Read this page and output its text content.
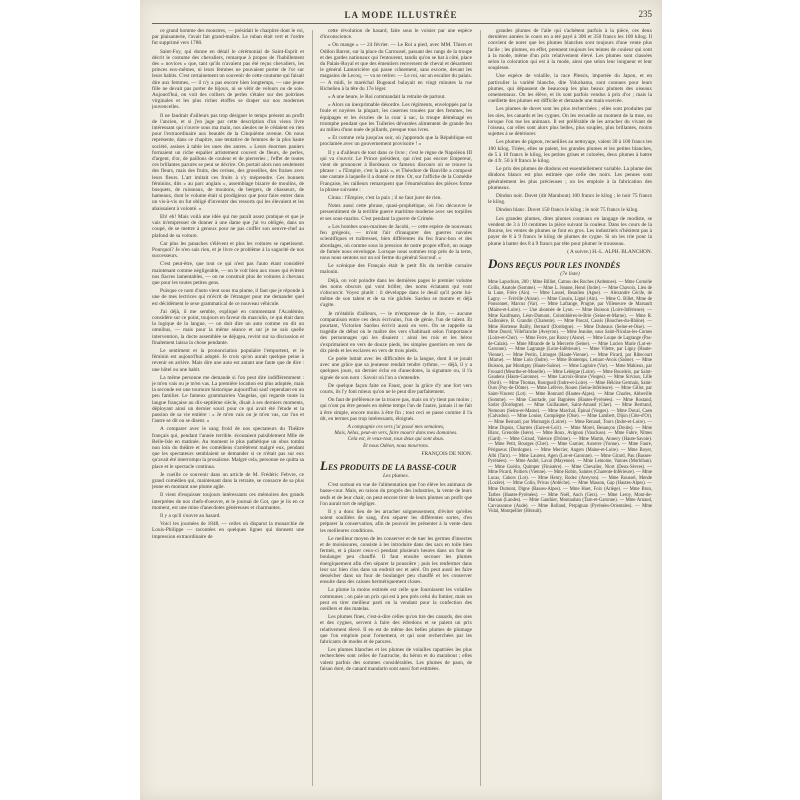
LA MODE ILLUSTRÉE	235

ce grand homme des monstres, — présidait le charpitre dont le roi, par plaisanterie, l'avait fait grand-maître. Le ruban était vert et l'ordre fut supprimé vers 1788.

Saint-Foy, qui donne en détail le cérémonial de Saint-Esprit et décrit le costume des chevaliers, remarque à propos de l'habillement des « novices » que, tant qu'ils n'avaient pas été reçus chevaliers, les princes eux-mêmes, ni leurs femmes ne pouvaient porter de l'or sur leurs habits. C'est certainement un souvenir de cette coutume qui faisait dire aux femmes, — il n'y a pas encore bien longtemps, — une jeune fille ne devait pas porter de bijoux, ni se vêtir de velours ou de soie. Aujourd'hui, on voit des colliers de perles s'étaler sur des poitrines virginales et les plus riches étoffes se draper sur nos modernes jouvencelles.

Il ne faudrait d'ailleurs pas trop désigner le temps présent au profit de l'ancien, et si j'en juge par cette description d'un vieux livre intéressant qui s'ouvre sous ma main, nos aïeules ne le cédaient en rien pour l'extraordinaire aux beautés de la Cinquième avenue. On nous représente, dans ce chapitre, une tentative de femmes de la plus haute société, assises à table les unes des autres. « Leurs énormes paniers formaient un riche espalier artistement couvert de fleurs, de perles, d'argent, d'or, de paillons de couleur et de pierreries ; l'effet de toutes ces brillantes parures se peut se décrire. On portait alors non seulement des fleurs, mais des fruits, des cerises, des groseilles, des fraises avec leurs fleurs. L'art imitait ces fruits à s'y méprendre. Ces bonnets féminins, dits « au parc anglais », assemblage bizarre de moulins, de bosquets, de ruisseaux, de moutons, de bergers, de chasseurs, de hameaux, dont le volume était si prodigieux que pour faire entrer dans un vis-à-vis on fut obligé d'inventer des ressorts qui les élevaient et les abaissaient à volonté. »

Eh! eh! Mais voilà une idée qui me paraît assez pratique et que je vais m'empresser de donner à une dame que j'ai vu obligée, dans un coupé, de se mettre à genoux pour ne pas coiffer son oeuvre-chef au plafond de sa voiture.

Car plus les panaches s'élèvent et plus les voitures se rapetissent. Pourquoi? Je n'en sais rien, et je livre ce problème à la sagacité de nos successeurs.

C'est peut-être, que tout ce qui n'est pas l'auto étant considéré maintenant comme négligeable, — on le voit bien aux roues qui évitent nos fiacres lamentables, — on ne construit plus de voitures à chevaux que pour les toutes petites gens.

Puisque ce nom d'auto vient sous ma plume, il faut que je réponde à une de mes lectrices qui m'écrit de l'étranger pour me demander quel est décidément le sexe grammatical de ce nouveau véhicule.

J'ai déjà, il me semble, expliqué en commentant l'Académie, considère sur ce point, toujours en faveur du masculin, ce qui était dans la logique de la langue, — on doit dire un auto comme on dit un omnibus, — mais pour la même séance et sur je ne sais quelle intervention, la docte assemblée se déjugea, revint sur sa discussion et finalement laissa la chose pendante.

Le sentiment et la prononciation populaire l'emportent, et le féminin est aujourd'hui adopté. Je crois qu'on aurait quelque peine à revenir en arrière. Mais dire une auto est autant une faute que de dire : une hôtel ou une habit.

La même personne me demande si l'on peut dire indifféremment : je m'en vais ou je m'en vas. La première location est plus adoptée, mais la seconde est une tournure historique aujourd'hui sauf cependant en un peu familier. Le fameux grammairien Vaugelas, qui regarde toute la langue française au dix-septième siècle, disait à ses derniers moments, déployant ainsi un dernier souci pour ce qui avait été l'étude et la passion de sa vie entière : « Je m'en vais ou je m'en vas, car l'un et l'autre se dit ou se disent. »

A comparer avec le sang froid de nos spectateurs du Théâtre français qui, pendant l'année terrible. écoutaient paisiblement Mlle de Belle-Isle en matinée. Au moment le plus pathétique un obus tomba non loin du théâtre et les comédiens s'arrêtèrent malgré eux, pendant que les spectateurs semblaient se demander si ce n'était pas sur eux qu'avait été interrompu la prosaïsme. Malgré cela, personne ne quitta sa place et le spectacle continua.

Je cueille ce souvenir dans un article de M. Frédéric Febvre, ce grand comédien qui, maintenant dans la retraite, se consacre de sa plus jeune en montant une plume agile.

Il vient d'esquisser toujours intéressants ces mémoires des grands interprètes de nos chefs-d'oeuvre, et le journal de Got, que je lis en ce moment, est une mine d'anecdotes généreuses et charmantes.

Il y a qu'il s'ouvre au hasard.

Voici les journées de 1848, — celles où disparut la monarchie de Louis-Philippe — racontées en quelques lignes qui donnent une impression extraordinaire de

cette révolution de hasard, faite sous le voisier par une espèce d'inconscience.

« On mange » — 24 février. — Le Roi a pied, avec MM. Thiers et Odilon Barrot, sur la place du Carrousel, passant des rangs de la troupe et des gardes nationaux qui l'entourent, tandis qu'on se bat à côté, place du Palais-Royal et que des émeutiers renversent de cheval et désarment le général Lamoricière qui passe crânement, sans escorte, devant les magasins de Lecoq, — va se retirer. — Le roi, sur un escalier du palais. — A midi, le maréchal Bugeaud balayait en vingt minutes la rue Richelieu à la tête du 17e léger.

« A une heure, le Roi commandait la retraite de partout.

« Alors un inexprimable désordre. Les régiments, enveloppés par la foule et noyères la plupart, les casernes trouées par des femmes, les équipages et les écuries de la cour à sac, la troupe déménagé en triomphe pendant que les Tuileries dévastées alimentent de grande feu au milieu d'une nuée de pillards, presque tous ivres.

« Et comme cela jusqu'au soir, où j'apprends que la République est proclamée avec un gouvernement provisoire ! »

Il y a d'ailleurs de tout dans ce livre ; c'est le règne de Napoléon III qui va s'ouvrir. Le Prince président, qui n'est pas encore Empereur, vient de prononcer à Bordeaux ce fameux discours où se trouve la phrase : « l'Empire, c'est la paix », et Théodore de Banville a composé une cantate à laquelle il a donné ce titre. Or, sur l'affiche de la Comédie Française, les railleurs remarquent que l'énumération des pièces forme la phrase suivante :

Cinna : l'Empire, c'est la paix ; il ne faut jurer de rien.

Notez aussi cette phrase, quasi-prophétique, où l'on découvre le pressentiment de la terrible guerre maritime moderne avec ses torpilles et ses sous-marins. C'est pendant la guerre de Crimée.

« Les bombes sous-marines de Jacobi, — cette espèce de nouveaux feu grégeois, — m'ont l'air d'inaugurer des guerres navales scientifiques et traîtresses, bien différentes du feu franc-bon et des abordages, où comme sous la pression de notre propre effort, un nuage de fumée nous enveloppe. Lorsque nous sommes trop près de la terre, nous nous sentons sur un sol ferme du général Surcouf. »

Le scénique des Français était le petit fils du terrible corsaire malouin.

Déjà, on voit poindre dans les dernières pages le premier volume des noms obscurs qui vont briller, des noms éclatants qui vont s'obscurcir. Voyez plutôt : il développe dans le deuil qu'il porte lui-même de son talent et de sa vie gâchée. Sardou se montre et déjà s'agite.

Je m'établis d'ailleurs, — le m'empresse de le dire, — aucune comparaison entre ces deux écrivains, l'un de génie, l'un de talent. Et pourtant, Victorien Sardou écrivit aussi en vers. On se rappelle sa tragédie de début où le maître des vers s'habituait selon l'importance des personnages qui les disaient : ainsi les rois et les héros s'exprimaient en vers de douze pieds, les simples guerriers en vers de dix pieds et les esclaves en vers de trois pieds.

Ce poète luttait avec les difficultés de la langue, dont il se jouait avec une grâce que sa jeunesse rendait tendre rythme, — déjà, il y a quelques jours, un dernier écho en d'anecdotes, la signature ou, il l'a signée de son nom : Savoir où l'on a s'entendre.

De quelque façon faite on Faust, pour la grâce d'y une fort vers courts, ils l'y font mieux qu'on ne le peut dire parfaitement.

On faut de préférence ne la trouve pas, mais on n'y tient pas moins ; qui n'ont pu être pensés en même temps l'un de l'autre, jamais il ne fait à être simple, encore moins à être fin ; tout ceci se passe comme il l'a dit, en termes pas trop intéressants, éloignés.

A compagnie ces vers j'ai passé mes semaines,
Mais, hélas, peut-on vers, faire mourir dans mes domaines.
Cela est, le veux-tout, tous deux qui sont doux.
Et nous Odéon, nous mourrons.
FRANÇOIS DE NION.
LES PRODUITS DE LA BASSE-COUR
Les plumes.

C'est surtout en vue de l'alimentation que l'on élève les animaux de basse-cour. Mais, en raison du progrès des industries, la vente de leurs œufs et de leur chair, on peut encore tirer de leurs plumes un profit que l'on aurait tort de négliger.

Il y a donc lieu de les arracher soigneusement, d'éviter qu'elles soient souillées de sang, d'en séparer les différentes sortes, d'en préparer la conservation, afin de pouvoir les présenter à la vente dans les meilleures conditions.

Le meilleur moyen de les conserver et de tuer les germes d'insectes et de moisissures, consiste à les introduire dans des sacs en toile bien fermés, et à placer ceux-ci pendant plusieurs heures dans un four de boulanger peu chauffé. Il faut ensuite secouer les plumes énergiquement afin d'en séparer la poussière ; puis les renfermer dans leur sac bien clos dans un endroit sec et aéré. On peut aussi les faire dessécher dans un four de boulanger peu chauffé et les conserver ensuite dans des caisses hermétiquement closes.

La plume la moins estimée est celle que fournissent les volailles communes ; on paie un prix qui est à peu près celui du fumier, mais on peut en tirer meilleur parti en la vendant pour la confection des oreillers et des matelas.

Les plumes fines, c'est-à-dire celles qu'on tire des canards, des oies et des cygnes, servent à faire des édredons et se paient un prix relativement élevé. Il en est de même des belles plumes de plumage que l'on emploie pour l'ornement, et qui sont recherchées par les fabricants de modes et de parures.

Les plumes blanches et les plumes de volailles rapatriées les plus recherchées sont celles de l'autruche, du héron et du marabout ; elles valent parfois des sommes considérables. Les plumes de paon, de faisan doré, de canard mandarin sont aussi fort estimées.

grandes plumes de l'aile qui s'achètent parfois à la pièce, ces deux dernières années le cours en a été payé à 300 et 350 francs les 100 kilog. Il convient de noter que les plumes blanches sont toujours d'une vente plus facile ; les plumes, en effet, prennent toujours les teintes de couleur qui sont à la mode, même d'un prix relativement élevé. Les plumes sont classées selon la coloration qui est à la mode, ainsi que selon leur longueur et leur souplesse.

Une espèce de volaille, la race Plessis, importée du Japon, et en particulier la variété blanche, dite Yokohama, sont connues pour leurs plumes, qui dépassent de beaucoup les plus beaux plumets des oiseaux ornementaux. On les élève, et ils sont parfois vendus à prix d'or ; mais la cueillette des plumes est difficile et demande une main exercée.

Les plumes de duvet sont les plus recherchées ; elles sont produites par les oies, les canards et les cygnes. On les recueille au moment de la mue, ou lorsque l'on tue les animaux. Il est préférable de les arracher du vivant de l'oiseau, car elles sont alors plus belles, plus souples, plus brillantes, moins sujettes à se détériorer.

Les plumes de pigeon, recueillies au nettoyage, valent 30 à 100 francs les 100 kilog. Triées, elles se paient, les grandes plumes et les petites blanches, de 5 à 10 francs le kilog, les petites grises et colorées, deux plumes à battre de 4 fr. 50 à 8 francs le kilog.

Le prix des plumes de dindons est essentiellement variable. La plume des dindons blancs est plus estimée que celle des noirs. Les pennes sont généralement les plus précieuses ; on les emploie à la fabrication des plumeaux.

Dindon noir. Duvet (dit Marabout) 100 francs le kilog ; le noir 75 francs le kilog.

Dindon blanc. Duvet 150 francs le kilog ; le noir 75 francs le kilog.

Les grandes plumes, dites plumes couteaux en langage de modiste, se vendent de 3 à 10 centimes la pièce suivant la couleur. Dans les cours de la Bourse, les ventes de plumes se font en gros. Les industriels n'hésitent pas à payer de 8 à 9 francs le kilog de plumes de cygne. Si on les trie pour la plume à batter des 8 à 9 francs par tête pour plumer le trousseau.

( A suivre.) H.-L. ALPH. BLANCHON.
DONS REÇUS POUR LES INONDÉS
(7e liste)
Mme Lapuchien, 200 ; Mme Billiet, Camus des Roches (Ardennes). — Mme Cornelie Collis, Anatole (Somme). — Mme L. Jeanne, Henri (Indre). — Mme Chavoix, Lieu de la Lune, Frère (Ain). — Mme Lussel, Beaulieu (Ague). — Alexandre Cécile, de Lagny. — Fréville (Aisne). — Mme Cousin, Ligné (Ain). — Mme G. Billet, Mme de Ponsonnet, Marcus (Var). — Mme Lafrange, Prugné, par Villeneuve de Marsault (Maine-et-Loire). — Une abonnée de Lyon. — Mme Buisson (Loire-Inférieure). — Mme Kaufmann, Léon-Dumont, Colombières-le-Brie (Seine-et-Marne). — Mme R. Gallonière, B. Grandin (Charente). — Mme Pascal, Cassis (Bouches-du-Rhône). — Mme Hortense Bailly, Bernard (Dordogne). — Mme Dubeaux (Seine-et-Oise). — Mme Dourd, Villefranche (Aveyron). — Mme Jeanine, sous Saint-Nicolas-les-Cornes (Loire-et-Cher). — Mme Ferre, par Rozoy (Aisne). — Mme Loupe de Lagrange (Pas-de-Calais). — Mme Mirande de la Mercerie (Seine). — Mme Lucien Marie (Lot-et-Garonne). — Mme Lagrange (Loire-Inférieure). — Mme Vilette, par Ligny (Haute-Vienne). — Mme Perrin, Limoges (Haute-Vienne). — Mme Picard, par Ribecourt (Marne). — Mme Lolo (Indre). — Mme Bontemps, Lemarc-Avois (Saône). — Mme Buisson, par Montigny (Haute-Saône). — Mme Lagloire (Var). — Mme Mahieux, par Frouard (Meurthe-et-Moselle). — Mme Lebègue (Loire). — Mme Bourdeix, par Saint-Gaudens (Haute-Garonne). — Mme Lacroix-Brune (Vosges). — Mme Sirvaux, Lille (Nord). — Mme Thomas, Bourgueil (Indre-et-Loire). — Mme Héloïse Germain, Saint-Ours (Puy-de-Dôme). — Mme Lefèvre, Rouen (Seine-Inférieure). — Mme Gillot, par Saint-Vincent (Lot). — Mme Bonnard (Hautes-Alpes). — Mme Charles, Abbeville (Somme). — Mme Courtade, par Bagnères (Hautes-Pyrénées). — Mme Rostand, Sarlat (Dordogne). — Mme Guillaumet, Saint-Amand (Cher). — Mme Bertrand, Nemours (Seine-et-Marne). — Mme Marchal, Épinal (Vosges). — Mme Duval, Caen (Calvados). — Mme Louise, Compiègne (Oise). — Mme Lambert, Dijon (Côte-d'Or). — Mme Bernard, par Montargis (Loiret). — Mme Renaud, Tours (Indre-et-Loire). — Mme Dupuis, Chartres (Eure-et-Loir). — Mme Morel, Besançon (Doubs). — Mme Blanc, Grenoble (Isère). — Mme Roux, Avignon (Vaucluse). — Mme Fabre, Nîmes (Gard). — Mme Giraud, Valence (Drôme). — Mme Martin, Annecy (Haute-Savoie). — Mme Petit, Bourges (Cher). — Mme Garnier, Auxerre (Yonne). — Mme Faure, Périgueux (Dordogne). — Mme Mercier, Angers (Maine-et-Loire). — Mme Boyer, Albi (Tarn). — Mme Laurent, Agen (Lot-et-Garonne). — Mme Girard, Pau (Basses-Pyrénées). — Mme André, Laval (Mayenne). — Mme Lemoine, Vannes (Morbihan). — Mme Guérin, Quimper (Finistère). — Mme Chevalier, Niort (Deux-Sèvres). — Mme Picard, Poitiers (Vienne). — Mme Robin, Saintes (Charente-Inférieure). — Mme Lucas, Cahors (Lot). — Mme Henry, Rodez (Aveyron). — Mme Roussel, Mende (Lozère). — Mme Colin, Privas (Ardèche). — Mme Masson, Gap (Hautes-Alpes). — Mme Dumont, Digne (Basses-Alpes). — Mme Huet, Foix (Ariège). — Mme Brun, Tarbes (Hautes-Pyrénées). — Mme Noël, Auch (Gers). — Mme Leroy, Mont-de-Marsan (Landes). — Mme Gauthier, Montauban (Tarn-et-Garonne). — Mme Arnaud, Carcassonne (Aude). — Mme Rolland, Perpignan (Pyrénées-Orientales). — Mme Vidal, Montpellier (Hérault).
